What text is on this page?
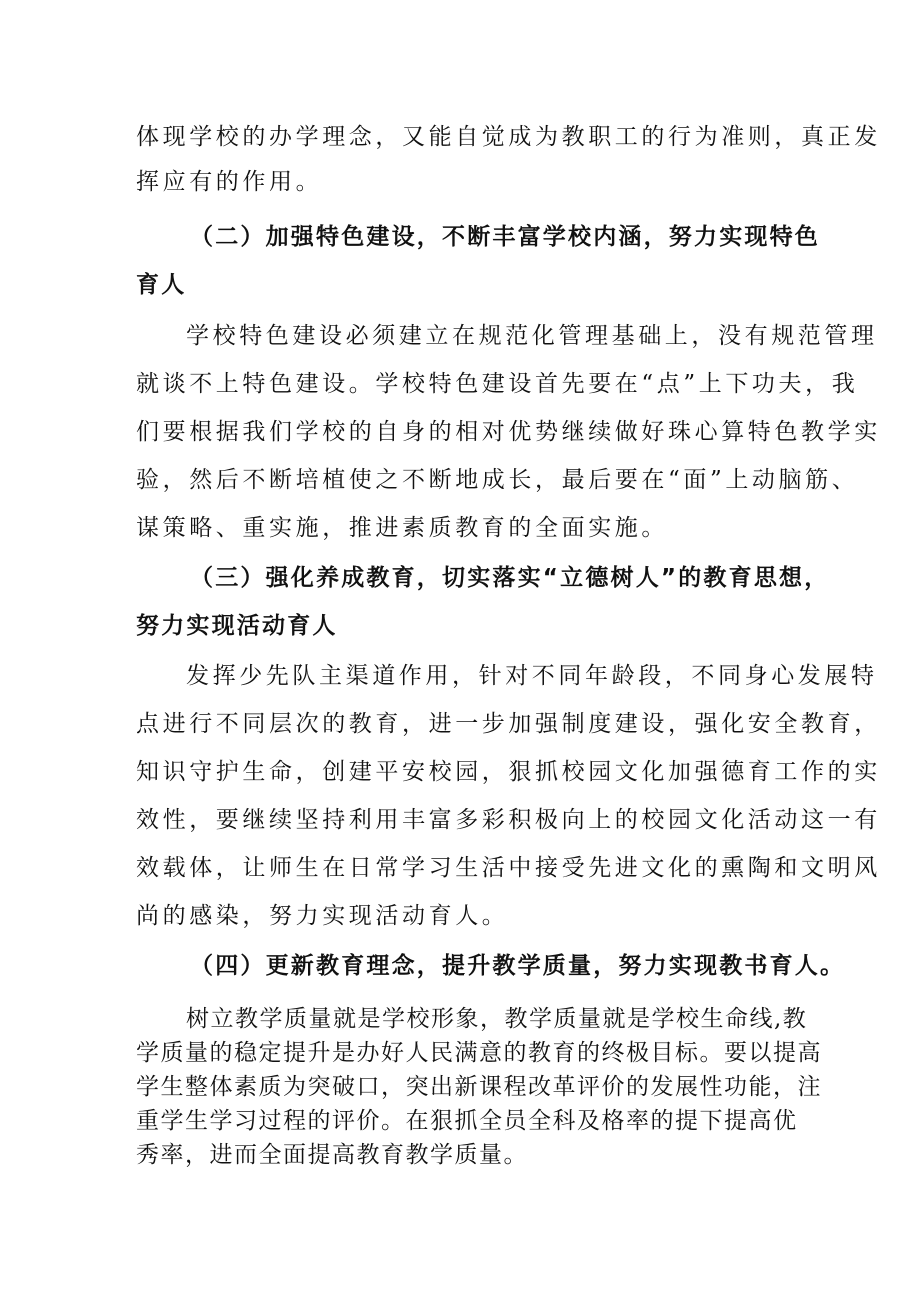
体现学校的办学理念，又能自觉成为教职工的行为准则，真正发

挥应有的作用。

（二）加强特色建设，不断丰富学校内涵，努力实现特色

育人

学校特色建设必须建立在规范化管理基础上，没有规范管理

就谈不上特色建设。学校特色建设首先要在“点”上下功夫，我

们要根据我们学校的自身的相对优势继续做好珠心算特色教学实

验，然后不断培植使之不断地成长，最后要在“面”上动脑筋、

谋策略、重实施，推进素质教育的全面实施。

（三）强化养成教育，切实落实“立德树人”的教育思想，

努力实现活动育人

发挥少先队主渠道作用，针对不同年龄段，不同身心发展特

点进行不同层次的教育，进一步加强制度建设，强化安全教育，

知识守护生命，创建平安校园，狠抓校园文化加强德育工作的实

效性，要继续坚持利用丰富多彩积极向上的校园文化活动这一有

效载体，让师生在日常学习生活中接受先进文化的熏陶和文明风

尚的感染，努力实现活动育人。

（四）更新教育理念，提升教学质量，努力实现教书育人。

树立教学质量就是学校形象，教学质量就是学校生命线,教

学质量的稳定提升是办好人民满意的教育的终极目标。要以提高

学生整体素质为突破口，突出新课程改革评价的发展性功能，注

重学生学习过程的评价。在狠抓全员全科及格率的提下提高优

秀率，进而全面提高教育教学质量。
